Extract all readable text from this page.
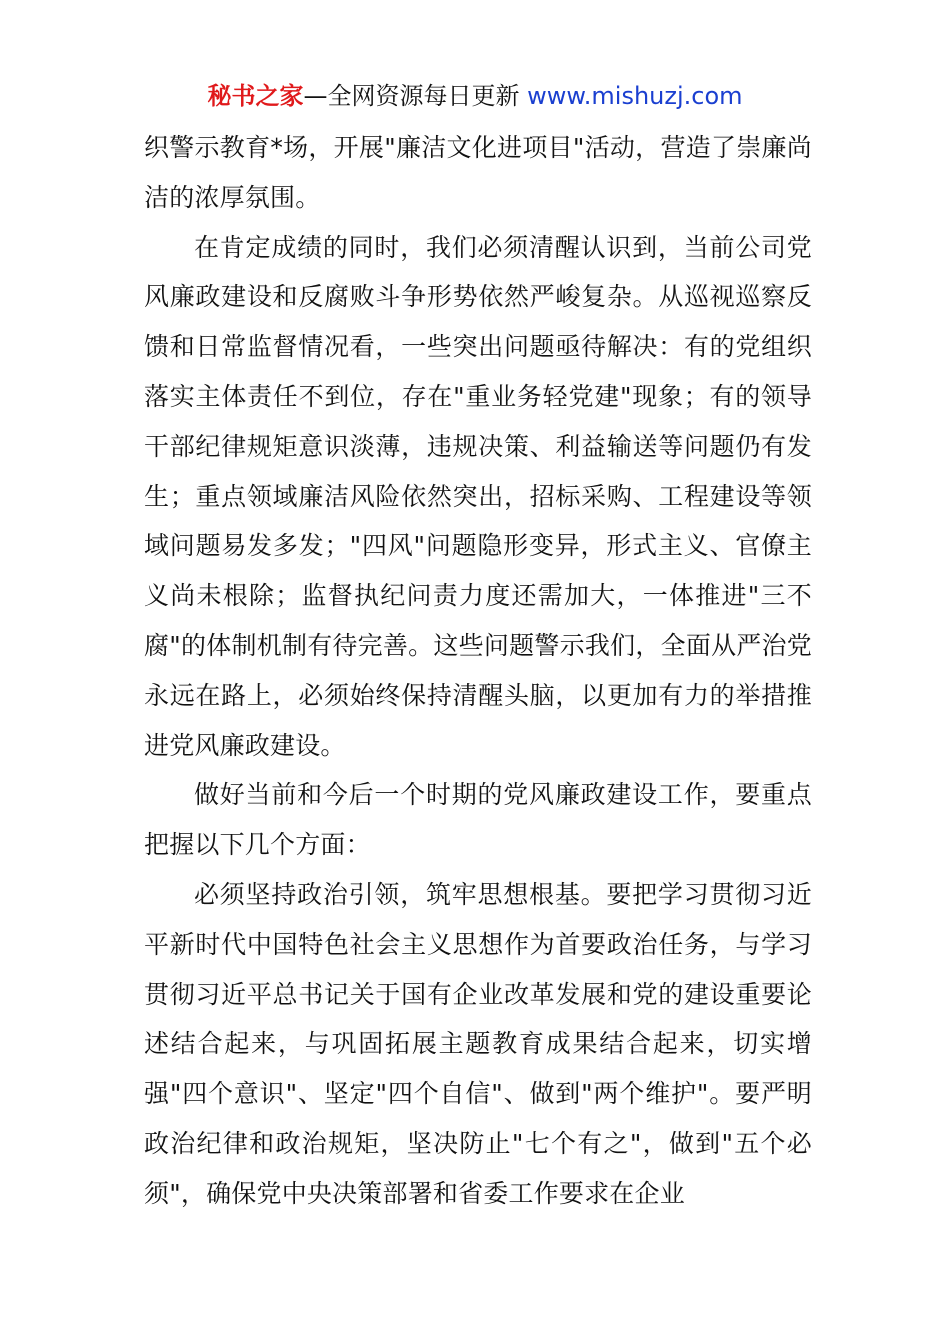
秘书之家—全网资源每日更新 www.mishuzj.com

织警示教育*场，开展"廉洁文化进项目"活动，营造了崇廉尚洁的浓厚氛围。

在肯定成绩的同时，我们必须清醒认识到，当前公司党风廉政建设和反腐败斗争形势依然严峻复杂。从巡视巡察反馈和日常监督情况看，一些突出问题亟待解决：有的党组织落实主体责任不到位，存在"重业务轻党建"现象；有的领导干部纪律规矩意识淡薄，违规决策、利益输送等问题仍有发生；重点领域廉洁风险依然突出，招标采购、工程建设等领域问题易发多发；"四风"问题隐形变异，形式主义、官僚主义尚未根除；监督执纪问责力度还需加大，一体推进"三不腐"的体制机制有待完善。这些问题警示我们，全面从严治党永远在路上，必须始终保持清醒头脑，以更加有力的举措推进党风廉政建设。

做好当前和今后一个时期的党风廉政建设工作，要重点把握以下几个方面：

必须坚持政治引领，筑牢思想根基。要把学习贯彻习近平新时代中国特色社会主义思想作为首要政治任务，与学习贯彻习近平总书记关于国有企业改革发展和党的建设重要论述结合起来，与巩固拓展主题教育成果结合起来，切实增强"四个意识"、坚定"四个自信"、做到"两个维护"。要严明政治纪律和政治规矩，坚决防止"七个有之"，做到"五个必须"，确保党中央决策部署和省委工作要求在企业
